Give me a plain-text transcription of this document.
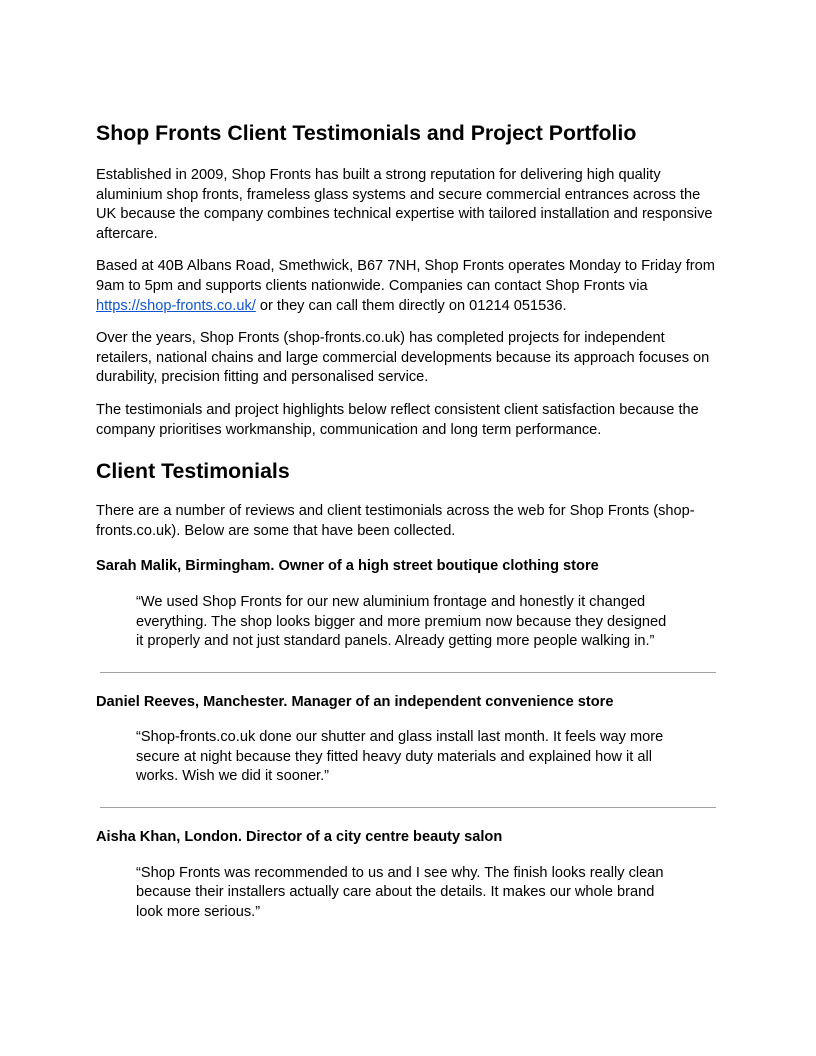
Shop Fronts Client Testimonials and Project Portfolio

Established in 2009, Shop Fronts has built a strong reputation for delivering high quality aluminium shop fronts, frameless glass systems and secure commercial entrances across the UK because the company combines technical expertise with tailored installation and responsive aftercare.

Based at 40B Albans Road, Smethwick, B67 7NH, Shop Fronts operates Monday to Friday from 9am to 5pm and supports clients nationwide. Companies can contact Shop Fronts via https://shop-fronts.co.uk/ or they can call them directly on 01214 051536.

Over the years, Shop Fronts (shop-fronts.co.uk) has completed projects for independent retailers, national chains and large commercial developments because its approach focuses on durability, precision fitting and personalised service.

The testimonials and project highlights below reflect consistent client satisfaction because the company prioritises workmanship, communication and long term performance.

Client Testimonials

There are a number of reviews and client testimonials across the web for Shop Fronts (shop-fronts.co.uk). Below are some that have been collected.

Sarah Malik, Birmingham. Owner of a high street boutique clothing store

“We used Shop Fronts for our new aluminium frontage and honestly it changed everything. The shop looks bigger and more premium now because they designed it properly and not just standard panels. Already getting more people walking in.”

Daniel Reeves, Manchester. Manager of an independent convenience store

“Shop-fronts.co.uk done our shutter and glass install last month. It feels way more secure at night because they fitted heavy duty materials and explained how it all works. Wish we did it sooner.”

Aisha Khan, London. Director of a city centre beauty salon

“Shop Fronts was recommended to us and I see why. The finish looks really clean because their installers actually care about the details. It makes our whole brand look more serious.”
